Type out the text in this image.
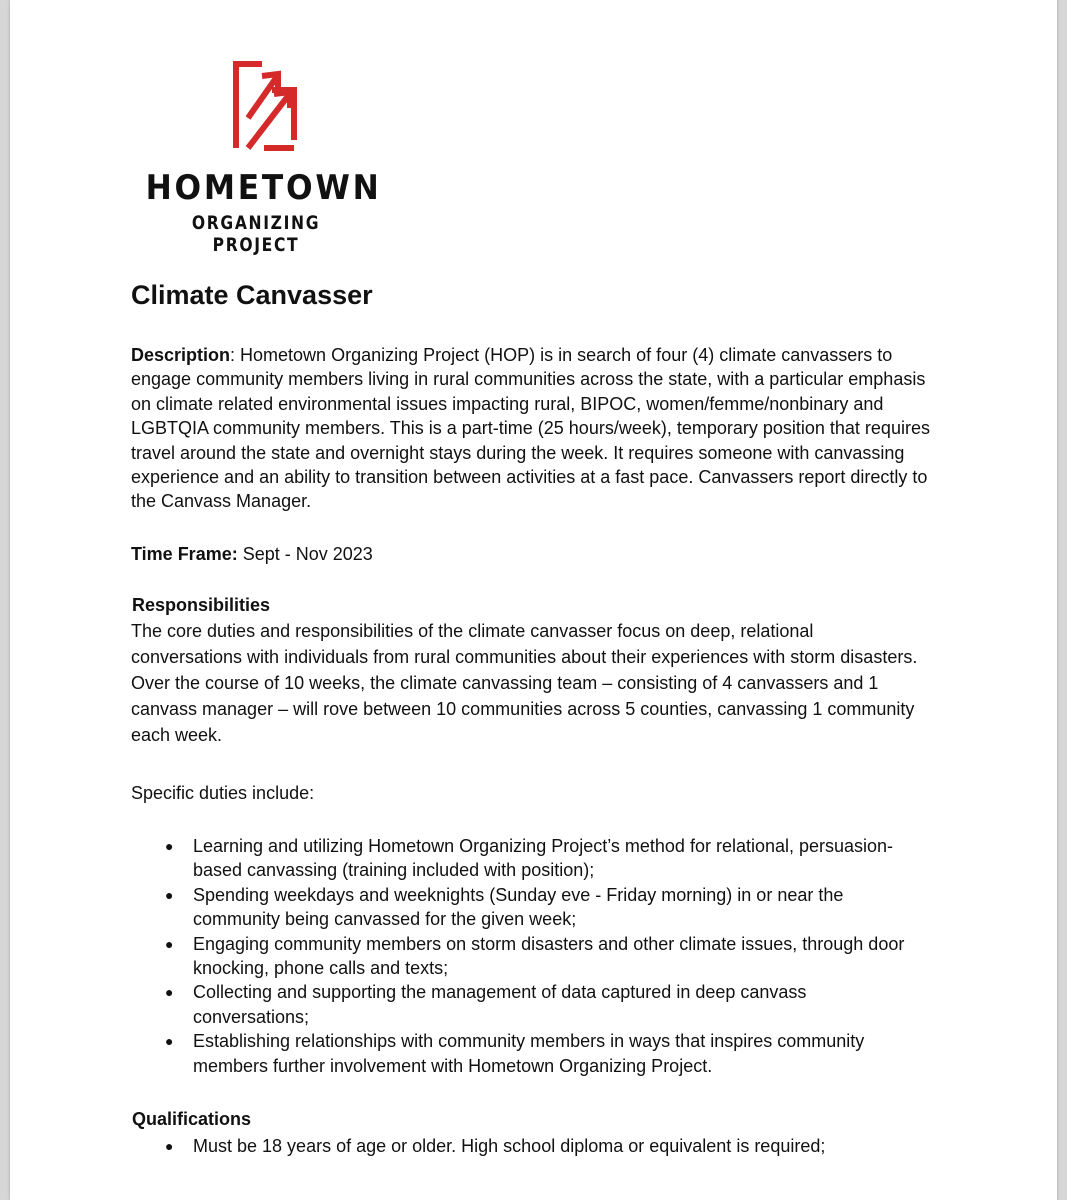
HOMETOWN
ORGANIZING PROJECT
Climate Canvasser

Description: Hometown Organizing Project (HOP) is in search of four (4) climate canvassers to engage community members living in rural communities across the state, with a particular emphasis on climate related environmental issues impacting rural, BIPOC, women/femme/nonbinary and LGBTQIA community members. This is a part-time (25 hours/week), temporary position that requires travel around the state and overnight stays during the week. It requires someone with canvassing experience and an ability to transition between activities at a fast pace. Canvassers report directly to the Canvass Manager.

Time Frame: Sept - Nov 2023

Responsibilities

The core duties and responsibilities of the climate canvasser focus on deep, relational conversations with individuals from rural communities about their experiences with storm disasters. Over the course of 10 weeks, the climate canvassing team – consisting of 4 canvassers and 1 canvass manager – will rove between 10 communities across 5 counties, canvassing 1 community each week.

Specific duties include:

● Learning and utilizing Hometown Organizing Project’s method for relational, persuasion-based canvassing (training included with position);
● Spending weekdays and weeknights (Sunday eve - Friday morning) in or near the community being canvassed for the given week;
● Engaging community members on storm disasters and other climate issues, through door knocking, phone calls and texts;
● Collecting and supporting the management of data captured in deep canvass conversations;
● Establishing relationships with community members in ways that inspires community members further involvement with Hometown Organizing Project.

Qualifications

● Must be 18 years of age or older. High school diploma or equivalent is required;
